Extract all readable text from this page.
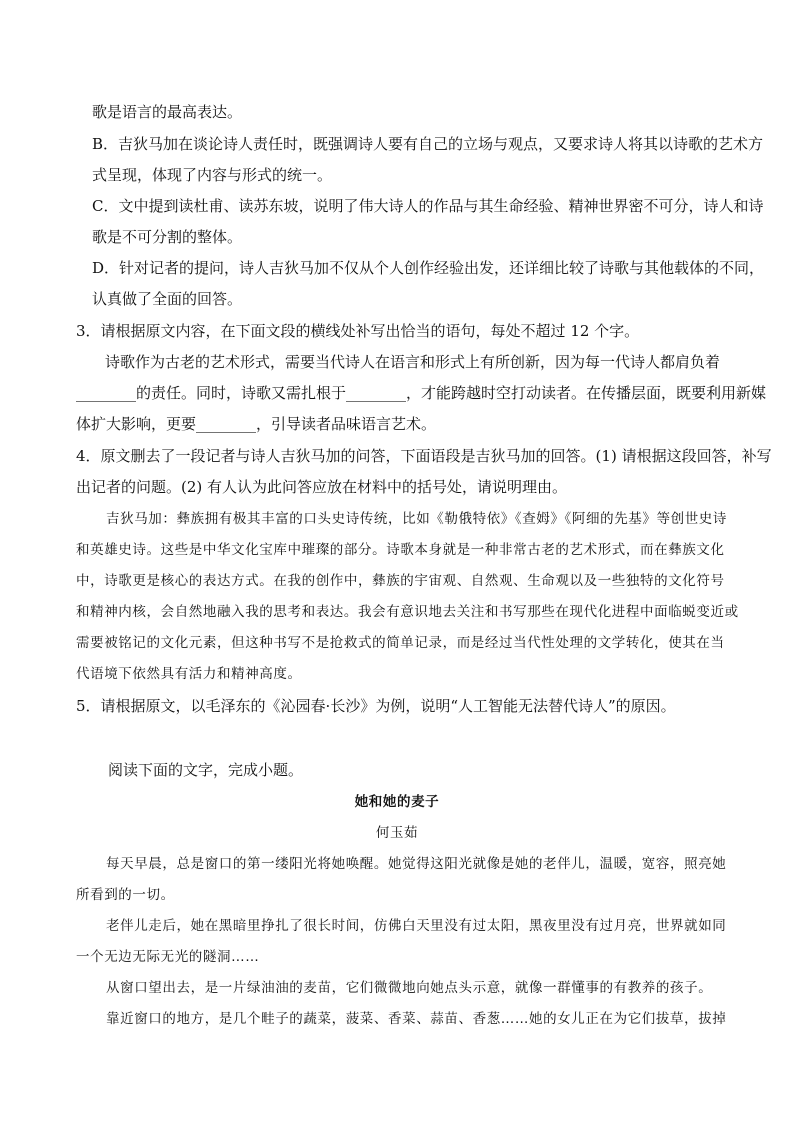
歌是语言的最高表达。
B．吉狄马加在谈论诗人责任时，既强调诗人要有自己的立场与观点，又要求诗人将其以诗歌的艺术方
式呈现，体现了内容与形式的统一。
C．文中提到读杜甫、读苏东坡，说明了伟大诗人的作品与其生命经验、精神世界密不可分，诗人和诗
歌是不可分割的整体。
D．针对记者的提问，诗人吉狄马加不仅从个人创作经验出发，还详细比较了诗歌与其他载体的不同，
认真做了全面的回答。
3．请根据原文内容，在下面文段的横线处补写出恰当的语句，每处不超过 12 个字。
诗歌作为古老的艺术形式，需要当代诗人在语言和形式上有所创新，因为每一代诗人都肩负着
________的责任。同时，诗歌又需扎根于________，才能跨越时空打动读者。在传播层面，既要利用新媒
体扩大影响，更要________，引导读者品味语言艺术。
4．原文删去了一段记者与诗人吉狄马加的问答，下面语段是吉狄马加的回答。(1) 请根据这段回答，补写
出记者的问题。(2) 有人认为此问答应放在材料中的括号处，请说明理由。
吉狄马加：彝族拥有极其丰富的口头史诗传统，比如《勒俄特依》《查姆》《阿细的先基》等创世史诗
和英雄史诗。这些是中华文化宝库中璀璨的部分。诗歌本身就是一种非常古老的艺术形式，而在彝族文化
中，诗歌更是核心的表达方式。在我的创作中，彝族的宇宙观、自然观、生命观以及一些独特的文化符号
和精神内核，会自然地融入我的思考和表达。我会有意识地去关注和书写那些在现代化进程中面临蜕变近或
需要被铭记的文化元素，但这种书写不是抢救式的简单记录，而是经过当代性处理的文学转化，使其在当
代语境下依然具有活力和精神高度。
5．请根据原文，以毛泽东的《沁园春·长沙》为例，说明“人工智能无法替代诗人”的原因。
阅读下面的文字，完成小题。
她和她的麦子
何玉茹
每天早晨，总是窗口的第一缕阳光将她唤醒。她觉得这阳光就像是她的老伴儿，温暖，宽容，照亮她
所看到的一切。
老伴儿走后，她在黑暗里挣扎了很长时间，仿佛白天里没有过太阳，黑夜里没有过月亮，世界就如同
一个无边无际无光的隧洞……
从窗口望出去，是一片绿油油的麦苗，它们微微地向她点头示意，就像一群懂事的有教养的孩子。
靠近窗口的地方，是几个畦子的蔬菜，菠菜、香菜、蒜苗、香葱……她的女儿正在为它们拔草，拔掉
